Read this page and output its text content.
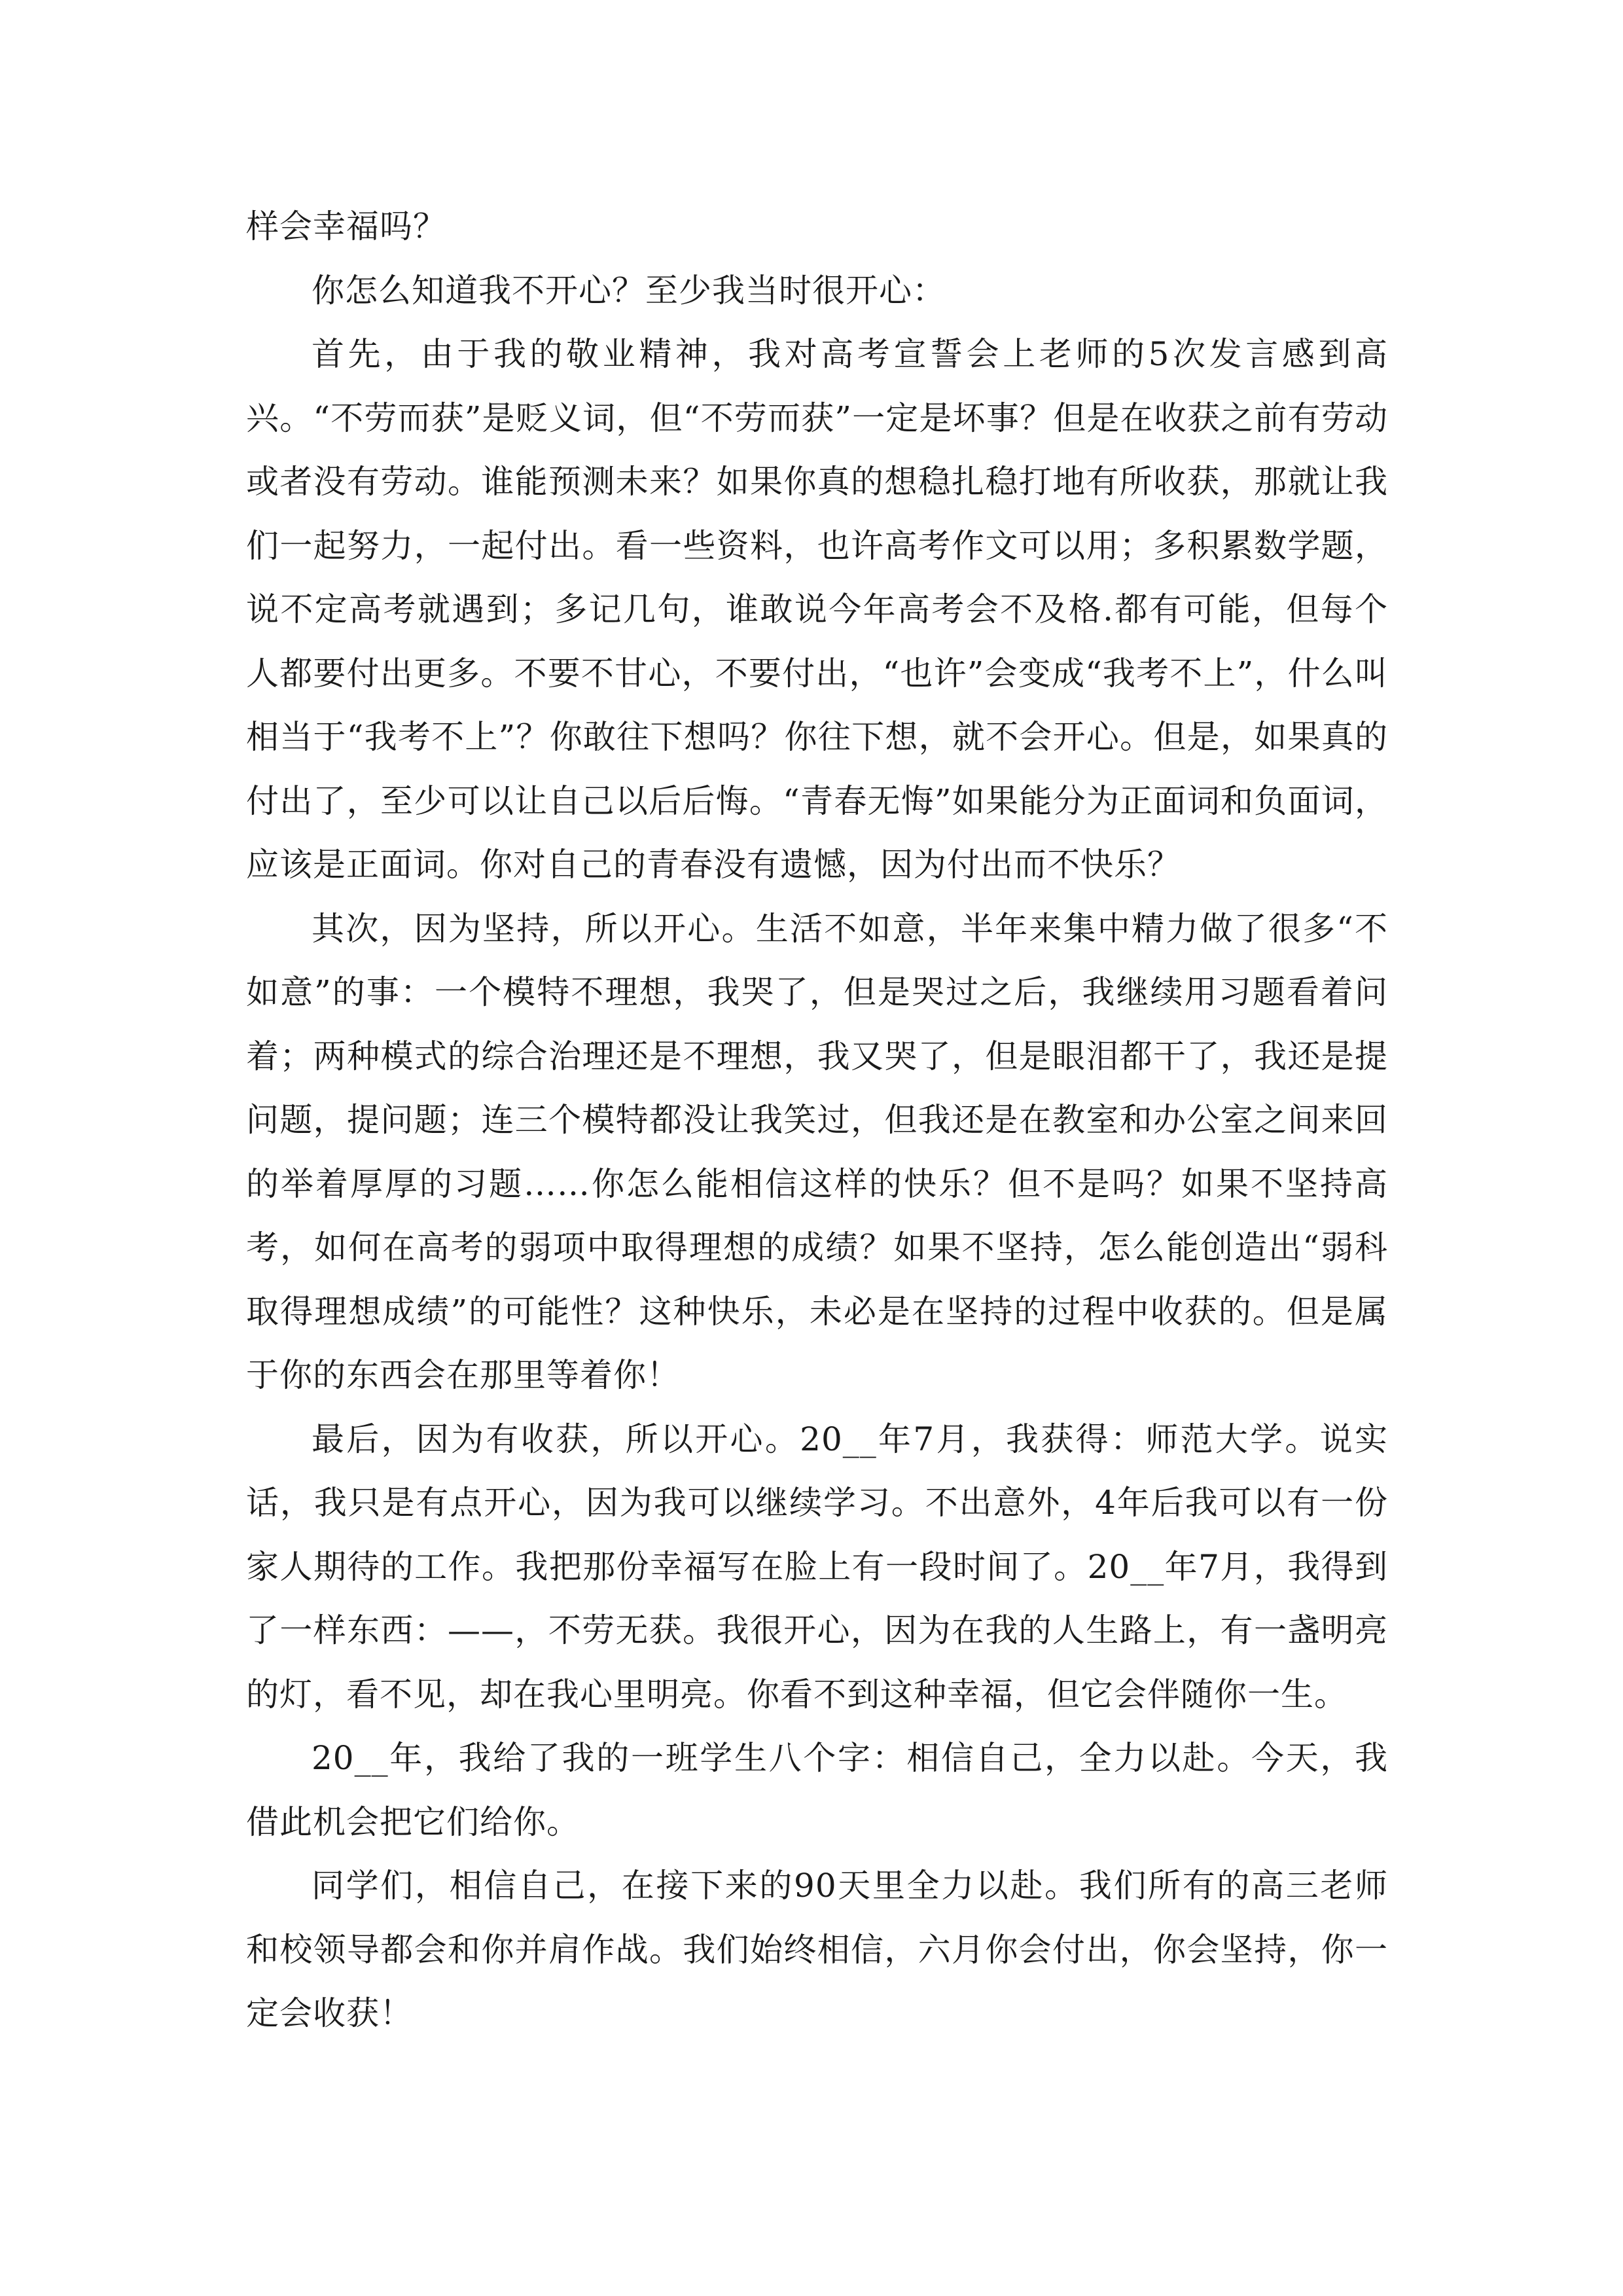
样会幸福吗？

你怎么知道我不开心？至少我当时很开心：

首先，由于我的敬业精神，我对高考宣誓会上老师的5次发言感到高兴。“不劳而获”是贬义词，但“不劳而获”一定是坏事？但是在收获之前有劳动或者没有劳动。谁能预测未来？如果你真的想稳扎稳打地有所收获，那就让我们一起努力，一起付出。看一些资料，也许高考作文可以用；多积累数学题，说不定高考就遇到；多记几句，谁敢说今年高考会不及格.都有可能，但每个人都要付出更多。不要不甘心，不要付出，“也许”会变成“我考不上”，什么叫相当于“我考不上”？你敢往下想吗？你往下想，就不会开心。但是，如果真的付出了，至少可以让自己以后后悔。“青春无悔”如果能分为正面词和负面词，应该是正面词。你对自己的青春没有遗憾，因为付出而不快乐？

其次，因为坚持，所以开心。生活不如意，半年来集中精力做了很多“不如意”的事：一个模特不理想，我哭了，但是哭过之后，我继续用习题看着问着；两种模式的综合治理还是不理想，我又哭了，但是眼泪都干了，我还是提问题，提问题；连三个模特都没让我笑过，但我还是在教室和办公室之间来回的举着厚厚的习题……你怎么能相信这样的快乐？但不是吗？如果不坚持高考，如何在高考的弱项中取得理想的成绩？如果不坚持，怎么能创造出“弱科取得理想成绩”的可能性？这种快乐，未必是在坚持的过程中收获的。但是属于你的东西会在那里等着你！

最后，因为有收获，所以开心。20__年7月，我获得：师范大学。说实话，我只是有点开心，因为我可以继续学习。不出意外，4年后我可以有一份家人期待的工作。我把那份幸福写在脸上有一段时间了。20__年7月，我得到了一样东西：——，不劳无获。我很开心，因为在我的人生路上，有一盏明亮的灯，看不见，却在我心里明亮。你看不到这种幸福，但它会伴随你一生。

20__年，我给了我的一班学生八个字：相信自己，全力以赴。今天，我借此机会把它们给你。

同学们，相信自己，在接下来的90天里全力以赴。我们所有的高三老师和校领导都会和你并肩作战。我们始终相信，六月你会付出，你会坚持，你一定会收获！
